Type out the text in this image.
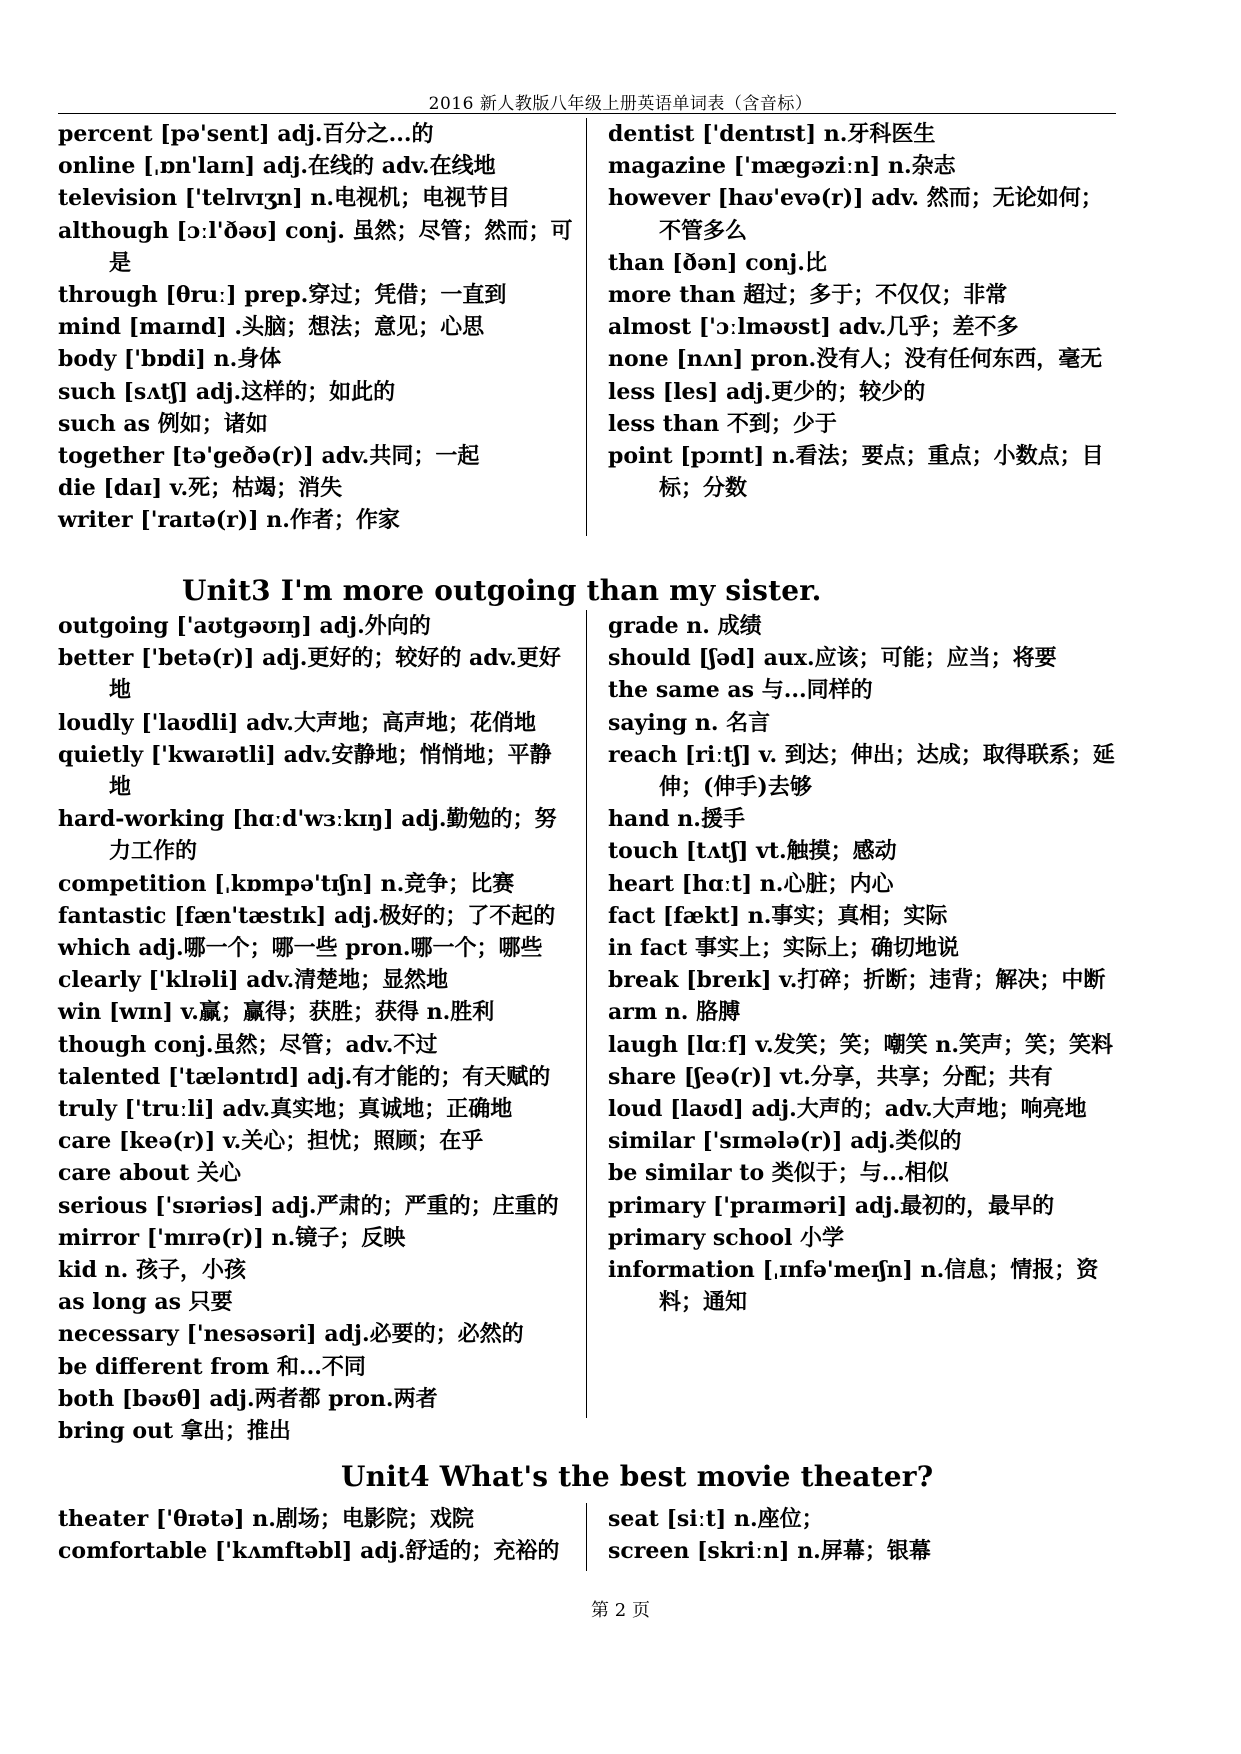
2016 新人教版八年级上册英语单词表（含音标）
percent [pə'sent] adj.百分之...的
online [ˌɒn'laɪn] adj.在线的 adv.在线地
television ['telɪvɪʒn] n.电视机；电视节目
although [ɔːl'ðəʊ] conj. 虽然；尽管；然而；可是
through [θruː] prep.穿过；凭借；一直到
mind [maɪnd] .头脑；想法；意见；心思
body ['bɒdi] n.身体
such [sʌtʃ] adj.这样的；如此的
such as 例如；诸如
together [tə'geðə(r)] adv.共同；一起
die [daɪ] v.死；枯竭；消失
writer ['raɪtə(r)] n.作者；作家
dentist ['dentɪst] n.牙科医生
magazine ['mægəziːn] n.杂志
however [haʊ'evə(r)] adv. 然而；无论如何；不管多么
than [ðən] conj.比
more than 超过；多于；不仅仅；非常
almost ['ɔːlməʊst] adv.几乎；差不多
none [nʌn] pron.没有人；没有任何东西，毫无
less [les] adj.更少的；较少的
less than 不到；少于
point [pɔɪnt] n.看法；要点；重点；小数点；目标；分数
Unit3 I'm more outgoing than my sister.
outgoing ['aʊtgəʊɪŋ] adj.外向的
better ['betə(r)] adj.更好的；较好的 adv.更好地
loudly ['laʊdli] adv.大声地；高声地；花俏地
quietly ['kwaɪətli] adv.安静地；悄悄地；平静地
hard-working [hɑːd'wɜːkɪŋ] adj.勤勉的；努力工作的
competition [ˌkɒmpə'tɪʃn] n.竞争；比赛
fantastic [fæn'tæstɪk] adj.极好的；了不起的
which adj.哪一个；哪一些 pron.哪一个；哪些
clearly ['klɪəli] adv.清楚地；显然地
win [wɪn] v.赢；赢得；获胜；获得 n.胜利
though conj.虽然；尽管；adv.不过
talented ['tæləntɪd] adj.有才能的；有天赋的
truly ['truːli] adv.真实地；真诚地；正确地
care [keə(r)] v.关心；担忧；照顾；在乎
care about 关心
serious ['sɪəriəs] adj.严肃的；严重的；庄重的
mirror ['mɪrə(r)] n.镜子；反映
kid n. 孩子，小孩
as long as 只要
necessary ['nesəsəri] adj.必要的；必然的
be different from 和...不同
both [bəʊθ] adj.两者都 pron.两者
bring out 拿出；推出
grade n. 成绩
should [ʃəd] aux.应该；可能；应当；将要
the same as 与...同样的
saying n. 名言
reach [riːtʃ] v. 到达；伸出；达成；取得联系；延伸；(伸手)去够
hand n.援手
touch [tʌtʃ] vt.触摸；感动
heart [hɑːt] n.心脏；内心
fact [fækt] n.事实；真相；实际
in fact 事实上；实际上；确切地说
break [breɪk] v.打碎；折断；违背；解决；中断
arm n. 胳膊
laugh [lɑːf] v.发笑；笑；嘲笑 n.笑声；笑；笑料
share [ʃeə(r)] vt.分享，共享；分配；共有
loud [laʊd] adj.大声的；adv.大声地；响亮地
similar ['sɪmələ(r)] adj.类似的
be similar to 类似于；与...相似
primary ['praɪməri] adj.最初的，最早的
primary school 小学
information [ˌɪnfə'meɪʃn] n.信息；情报；资料；通知
Unit4 What's the best movie theater?
theater ['θɪətə] n.剧场；电影院；戏院
comfortable ['kʌmftəbl] adj.舒适的；充裕的
seat [siːt] n.座位；
screen [skriːn] n.屏幕；银幕
第 2 页
